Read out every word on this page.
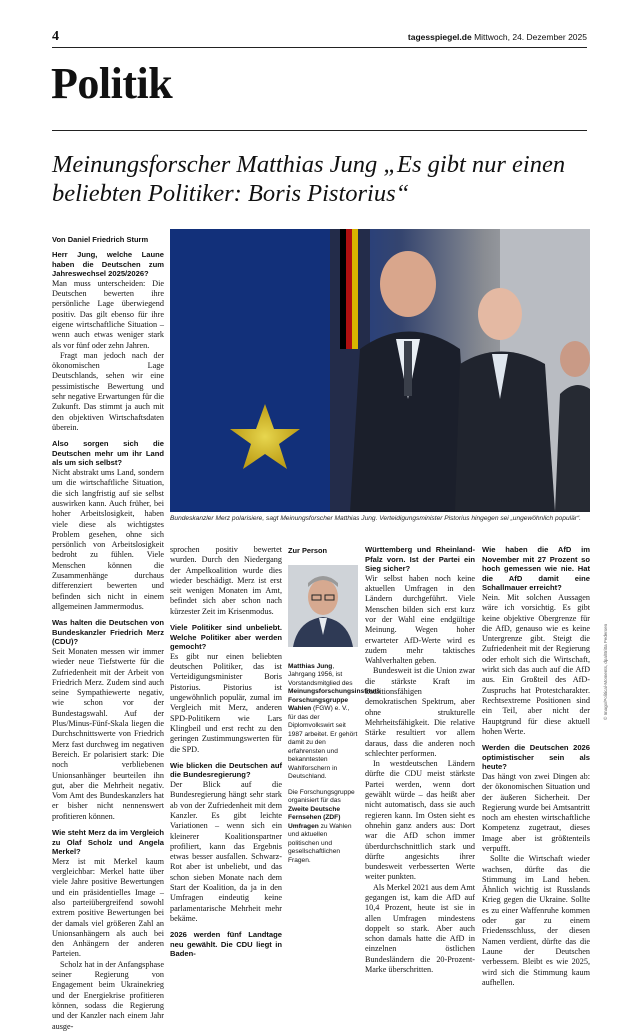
4	tagesspiegel.de Mittwoch, 24. Dezember 2025
Politik
Meinungsforscher Matthias Jung „Es gibt nur einen beliebten Politiker: Boris Pistorius“
Von Daniel Friedrich Sturm
Bundeskanzler Merz polarisiere, sagt Meinungsforscher Matthias Jung. Verteidigungsminister Pistorius hingegen sei „ungewöhnlich populär“.
© Imago/Political-Moments, dpa/Britta Pedersen

Herr Jung, welche Laune haben die Deutschen zum Jahreswechsel 2025/2026?

Man muss unterscheiden: Die Deutschen bewerten ihre persönliche Lage überwiegend positiv. Das gilt ebenso für ihre eigene wirtschaftliche Situation – wenn auch etwas weniger stark als vor fünf oder zehn Jahren.

Fragt man jedoch nach der ökonomischen Lage Deutschlands, sehen wir eine pessimistische Bewertung und sehr negative Erwartungen für die Zukunft. Das stimmt ja auch mit den objektiven Wirtschaftsdaten überein.

Also sorgen sich die Deutschen mehr um ihr Land als um sich selbst?

Nicht abstrakt ums Land, sondern um die wirtschaftliche Situation, die sich langfristig auf sie selbst auswirken kann. Auch früher, bei hoher Arbeitslosigkeit, haben viele diese als wichtigstes Problem gesehen, ohne sich persönlich von Arbeitslosigkeit bedroht zu fühlen. Viele Menschen können die Zusammenhänge durchaus differenziert bewerten und befinden sich nicht in einem allgemeinen Jammermodus.

Was halten die Deutschen von Bundeskanzler Friedrich Merz (CDU)?

Seit Monaten messen wir immer wieder neue Tiefstwerte für die Zufriedenheit mit der Arbeit von Friedrich Merz. Zudem sind auch seine Sympathiewerte negativ, wie schon vor der Bundestagswahl. Auf der Plus/Minus-Fünf-Skala liegen die Durchschnittswerte von Friedrich Merz fast durchweg im negativen Bereich. Er polarisiert stark: Die noch verbliebenen Unionsanhänger beurteilen ihn gut, aber die Mehrheit negativ. Vom Amt des Bundeskanzlers hat er bisher nicht nennenswert profitieren können.

Wie steht Merz da im Vergleich zu Olaf Scholz und Angela Merkel?

Merz ist mit Merkel kaum vergleichbar: Merkel hatte über viele Jahre positive Bewertungen und ein präsidentielles Image – also parteiübergreifend sowohl extrem positive Bewertungen bei der damals viel größeren Zahl an Unionsanhängern als auch bei den Anhängern der anderen Parteien.

Scholz hat in der Anfangsphase seiner Regierung von Engagement beim Ukrainekrieg und der Energiekrise profitieren können, sodass die Regierung und der Kanzler nach einem Jahr ausge-

sprochen positiv bewertet wurden. Durch den Niedergang der Ampelkoalition wurde dies wieder beschädigt. Merz ist erst seit wenigen Monaten im Amt, befindet sich aber schon nach kürzester Zeit im Krisenmodus.

Viele Politiker sind unbeliebt. Welche Politiker aber werden gemocht?

Es gibt nur einen beliebten deutschen Politiker, das ist Verteidigungsminister Boris Pistorius. Pistorius ist ungewöhnlich populär, zumal im Vergleich mit Merz, anderen SPD-Politikern wie Lars Klingbeil und erst recht zu den geringen Zustimmungswerten für die SPD.

Wie blicken die Deutschen auf die Bundesregierung?

Der Blick auf die Bundesregierung hängt sehr stark ab von der Zufriedenheit mit dem Kanzler. Es gibt leichte Variationen – wenn sich ein kleinerer Koalitionspartner profiliert, kann das Ergebnis etwas besser ausfallen. Schwarz-Rot aber ist unbeliebt, und das schon sieben Monate nach dem Start der Koalition, da ja in den Umfragen eindeutig keine parlamentarische Mehrheit mehr bekäme.

2026 werden fünf Landtage neu gewählt. Die CDU liegt in Baden-

Zur Person

Matthias Jung, Jahrgang 1956, ist Vorstandsmitglied des Meinungsforschungsinstituts Forschungsgruppe Wahlen (FGW) e. V., für das der Diplomvolkswirt seit 1987 arbeitet. Er gehört damit zu den erfahrensten und bekanntesten Wahlforschern in Deutschland.

Die Forschungsgruppe organisiert für das Zweite Deutsche Fernsehen (ZDF) Umfragen zu Wahlen und aktuellen politischen und gesellschaftlichen Fragen.

Württemberg und Rheinland-Pfalz vorn. Ist der Partei ein Sieg sicher?

Wir selbst haben noch keine aktuellen Umfragen in den Ländern durchgeführt. Viele Menschen bilden sich erst kurz vor der Wahl eine endgültige Meinung. Wegen hoher erwarteter AfD-Werte wird es zudem mehr taktisches Wahlverhalten geben.

Bundesweit ist die Union zwar die stärkste Kraft im koalitionsfähigen demokratischen Spektrum, aber ohne strukturelle Mehrheitsfähigkeit. Die relative Stärke resultiert vor allem daraus, dass die anderen noch schlechter performen.

In westdeutschen Ländern dürfte die CDU meist stärkste Partei werden, wenn dort gewählt würde – das heißt aber nicht automatisch, dass sie auch regieren kann. Im Osten sieht es ohnehin ganz anders aus: Dort war die AfD schon immer überdurchschnittlich stark und dürfte angesichts ihrer bundesweit verbesserten Werte weiter punkten.

Als Merkel 2021 aus dem Amt gegangen ist, kam die AfD auf 10,4 Prozent, heute ist sie in allen Umfragen mindestens doppelt so stark. Aber auch schon damals hatte die AfD in einzelnen östlichen Bundesländern die 20-Prozent-Marke überschritten.

Wie haben die AfD im November mit 27 Prozent so hoch gemessen wie nie. Hat die AfD damit eine Schallmauer erreicht?

Nein. Mit solchen Aussagen wäre ich vorsichtig. Es gibt keine objektive Obergrenze für die AfD, genauso wie es keine Untergrenze gibt. Steigt die Zufriedenheit mit der Regierung oder erholt sich die Wirtschaft, wirkt sich das auch auf die AfD aus. Ein Großteil des AfD-Zuspruchs hat Protestcharakter. Rechtsextreme Positionen sind ein Teil, aber nicht der Hauptgrund für diese aktuell hohen Werte.

Werden die Deutschen 2026 optimistischer sein als heute?

Das hängt von zwei Dingen ab: der ökonomischen Situation und der äußeren Sicherheit. Der Regierung wurde bei Amtsantritt noch am ehesten wirtschaftliche Kompetenz zugetraut, dieses Image aber ist größtenteils verpufft.

Sollte die Wirtschaft wieder wachsen, dürfte das die Stimmung im Land heben. Ähnlich wichtig ist Russlands Krieg gegen die Ukraine. Sollte es zu einer Waffenruhe kommen oder gar zu einem Friedensschluss, der diesen Namen verdient, dürfte das die Laune der Deutschen verbessern. Bleibt es wie 2025, wird sich die Stimmung kaum aufhellen.
